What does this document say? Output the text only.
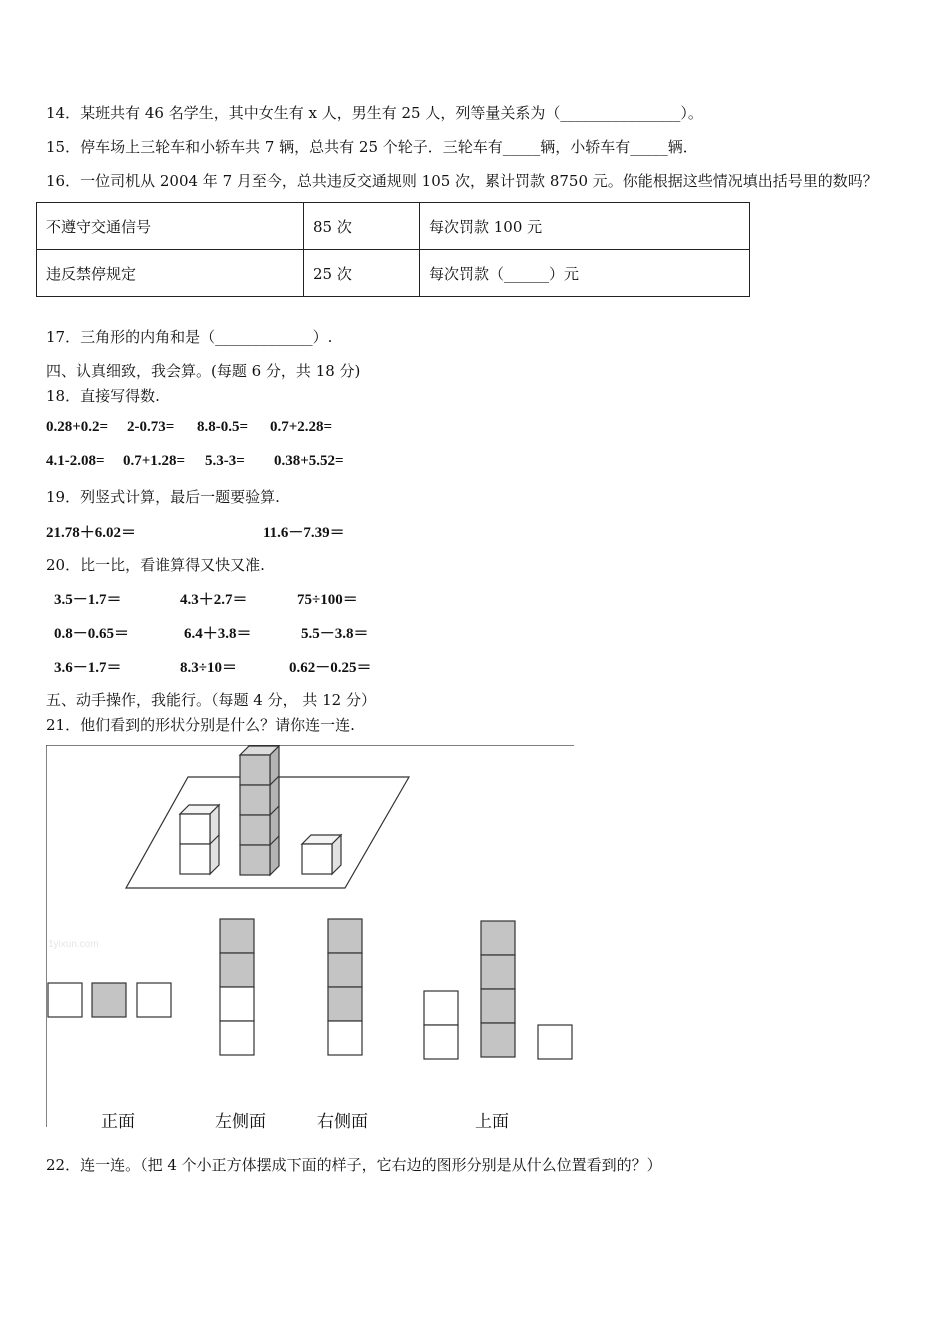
14．某班共有 46 名学生，其中女生有 x 人，男生有 25 人，列等量关系为（________________）。
15．停车场上三轮车和小轿车共 7 辆，总共有 25 个轮子．三轮车有_____辆，小轿车有_____辆．
16．一位司机从 2004 年 7 月至今，总共违反交通规则 105 次，累计罚款 8750 元。你能根据这些情况填出括号里的数吗？
不遵守交通信号	85 次	每次罚款 100 元
违反禁停规定	25 次	每次罚款（______）元
17．三角形的内角和是（_____________）.
四、认真细致，我会算。(每题 6 分，共 18 分)
18．直接写得数.
0.28+0.2= 2-0.73= 8.8-0.5= 0.7+2.28=
4.1-2.08= 0.7+1.28= 5.3-3= 0.38+5.52=
19．列竖式计算，最后一题要验算.
21.78＋6.02＝	11.6－7.39＝
20．比一比，看谁算得又快又准.
3.5－1.7＝	4.3＋2.7＝	75÷100＝
0.8－0.65＝	6.4＋3.8＝	5.5－3.8＝
3.6－1.7＝	8.3÷10＝	0.62－0.25＝
五、动手操作，我能行。（每题 4 分， 共 12 分）
21．他们看到的形状分别是什么？请你连一连.
1yixun.com
正面	左侧面	右侧面	上面
22．连一连。（把 4 个小正方体摆成下面的样子，它右边的图形分别是从什么位置看到的？）
